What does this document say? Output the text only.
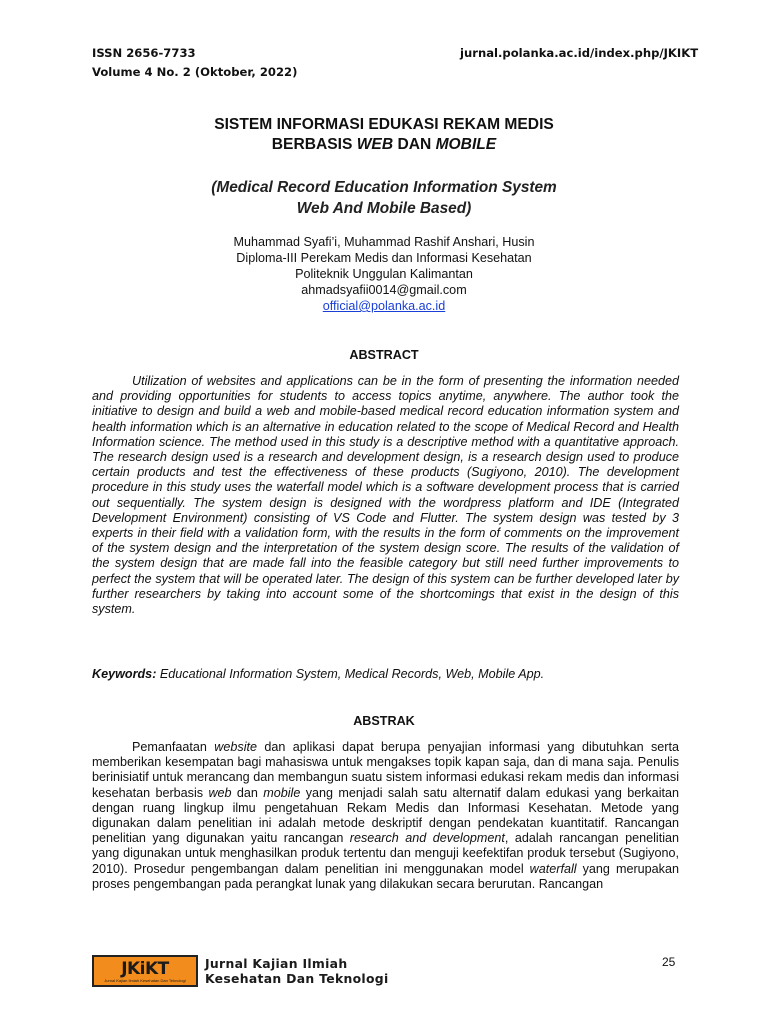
ISSN 2656-7733
Volume 4 No. 2 (Oktober, 2022)
jurnal.polanka.ac.id/index.php/JKIKT
SISTEM INFORMASI EDUKASI REKAM MEDIS
BERBASIS WEB DAN MOBILE
(Medical Record Education Information System
Web And Mobile Based)
Muhammad Syafi’i, Muhammad Rashif Anshari, Husin
Diploma-III Perekam Medis dan Informasi Kesehatan
Politeknik Unggulan Kalimantan
ahmadsyafii0014@gmail.com
official@polanka.ac.id
ABSTRACT

Utilization of websites and applications can be in the form of presenting the information needed and providing opportunities for students to access topics anytime, anywhere. The author took the initiative to design and build a web and mobile-based medical record education information system and health information which is an alternative in education related to the scope of Medical Record and Health Information science. The method used in this study is a descriptive method with a quantitative approach. The research design used is a research and development design, is a research design used to produce certain products and test the effectiveness of these products (Sugiyono, 2010). The development procedure in this study uses the waterfall model which is a software development process that is carried out sequentially. The system design is designed with the wordpress platform and IDE (Integrated Development Environment) consisting of VS Code and Flutter. The system design was tested by 3 experts in their field with a validation form, with the results in the form of comments on the improvement of the system design and the interpretation of the system design score. The results of the validation of the system design that are made fall into the feasible category but still need further improvements to perfect the system that will be operated later. The design of this system can be further developed later by further researchers by taking into account some of the shortcomings that exist in the design of this system.

Keywords: Educational Information System, Medical Records, Web, Mobile App.
ABSTRAK

Pemanfaatan website dan aplikasi dapat berupa penyajian informasi yang dibutuhkan serta memberikan kesempatan bagi mahasiswa untuk mengakses topik kapan saja, dan di mana saja. Penulis berinisiatif untuk merancang dan membangun suatu sistem informasi edukasi rekam medis dan informasi kesehatan berbasis web dan mobile yang menjadi salah satu alternatif dalam edukasi yang berkaitan dengan ruang lingkup ilmu pengetahuan Rekam Medis dan Informasi Kesehatan. Metode yang digunakan dalam penelitian ini adalah metode deskriptif dengan pendekatan kuantitatif. Rancangan penelitian yang digunakan yaitu rancangan research and development, adalah rancangan penelitian yang digunakan untuk menghasilkan produk tertentu dan menguji keefektifan produk tersebut (Sugiyono, 2010). Prosedur pengembangan dalam penelitian ini menggunakan model waterfall yang merupakan proses pengembangan pada perangkat lunak yang dilakukan secara berurutan. Rancangan

JKiKT
Jurnal Kajian Ilmiah Kesehatan Dan Teknologi
Jurnal Kajian Ilmiah
Kesehatan Dan Teknologi
25
